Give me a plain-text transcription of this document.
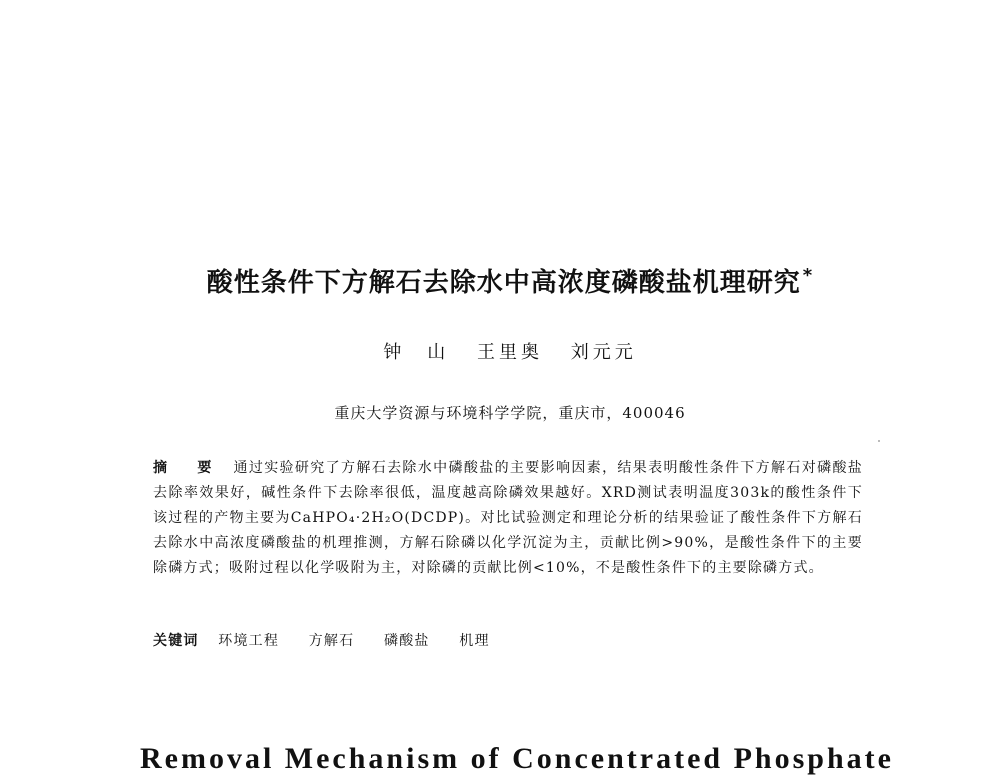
酸性条件下方解石去除水中高浓度磷酸盐机理研究 *
钟　山 王里奥 刘元元
重庆大学资源与环境科学学院，重庆市，400046
摘　要 通过实验研究了方解石去除水中磷酸盐的主要影响因素，结果表明酸性条件下方解石对磷酸盐去除率效果好，碱性条件下去除率很低，温度越高除磷效果越好。XRD测试表明温度303k的酸性条件下该过程的产物主要为CaHPO₄·2H₂O(DCDP)。对比试验测定和理论分析的结果验证了酸性条件下方解石去除水中高浓度磷酸盐的机理推测，方解石除磷以化学沉淀为主，贡献比例>90%，是酸性条件下的主要除磷方式；吸附过程以化学吸附为主，对除磷的贡献比例<10%，不是酸性条件下的主要除磷方式。
关键词 环境工程 方解石 磷酸盐 机理
Removal Mechanism of Concentrated Phosphate
